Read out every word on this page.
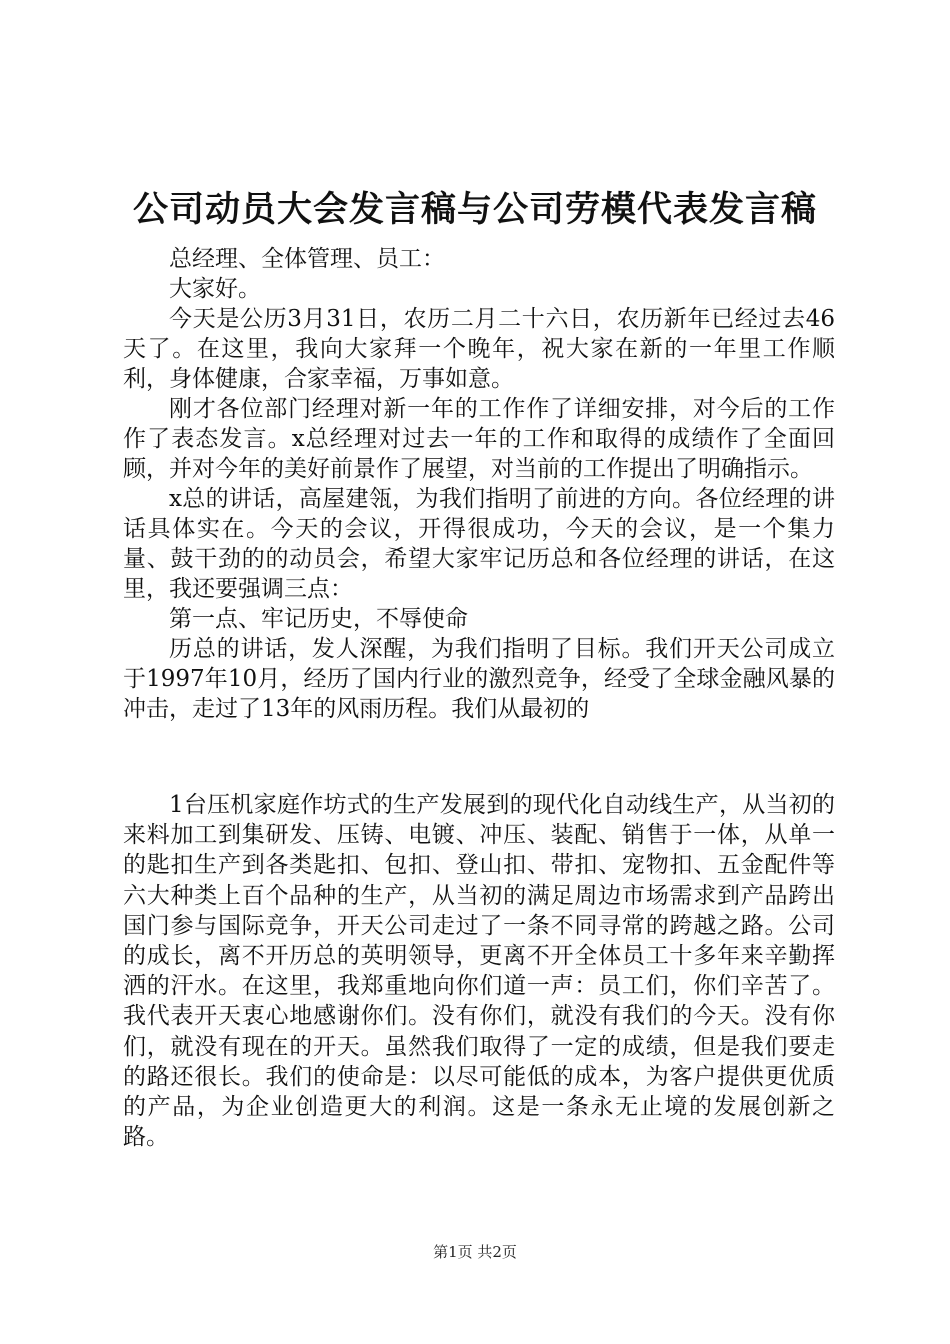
公司动员大会发言稿与公司劳模代表发言稿

总经理、全体管理、员工：

大家好。

今天是公历3月31日，农历二月二十六日，农历新年已经过去46天了。在这里，我向大家拜一个晚年，祝大家在新的一年里工作顺利，身体健康，合家幸福，万事如意。

刚才各位部门经理对新一年的工作作了详细安排，对今后的工作作了表态发言。x总经理对过去一年的工作和取得的成绩作了全面回顾，并对今年的美好前景作了展望，对当前的工作提出了明确指示。

x总的讲话，高屋建瓴，为我们指明了前进的方向。各位经理的讲话具体实在。今天的会议，开得很成功，今天的会议，是一个集力量、鼓干劲的的动员会，希望大家牢记历总和各位经理的讲话，在这里，我还要强调三点：

第一点、牢记历史，不辱使命

历总的讲话，发人深醒，为我们指明了目标。我们开天公司成立于1997年10月，经历了国内行业的激烈竞争，经受了全球金融风暴的冲击，走过了13年的风雨历程。我们从最初的

1台压机家庭作坊式的生产发展到的现代化自动线生产，从当初的来料加工到集研发、压铸、电镀、冲压、装配、销售于一体，从单一的匙扣生产到各类匙扣、包扣、登山扣、带扣、宠物扣、五金配件等六大种类上百个品种的生产，从当初的满足周边市场需求到产品跨出国门参与国际竞争，开天公司走过了一条不同寻常的跨越之路。公司的成长，离不开历总的英明领导，更离不开全体员工十多年来辛勤挥洒的汗水。在这里，我郑重地向你们道一声：员工们，你们辛苦了。我代表开天衷心地感谢你们。没有你们，就没有我们的今天。没有你们，就没有现在的开天。虽然我们取得了一定的成绩，但是我们要走的路还很长。我们的使命是：以尽可能低的成本，为客户提供更优质的产品，为企业创造更大的利润。这是一条永无止境的发展创新之路。

第1页 共2页
